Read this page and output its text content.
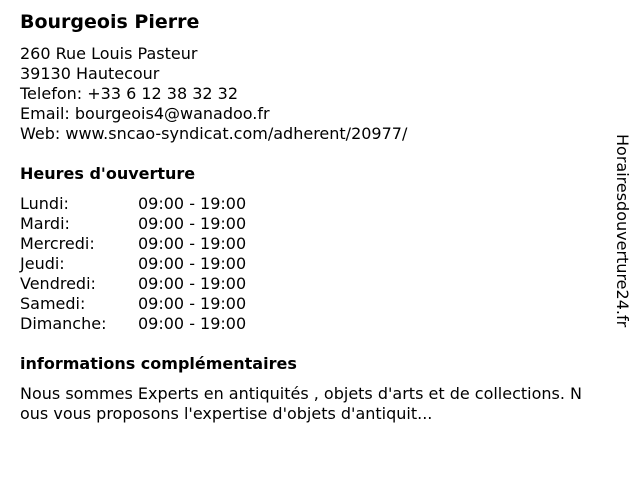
Bourgeois Pierre
260 Rue Louis Pasteur
39130 Hautecour
Telefon: +33 6 12 38 32 32
Email: bourgeois4@wanadoo.fr
Web: www.sncao-syndicat.com/adherent/20977/
Heures d'ouverture
Lundi:	09:00 - 19:00
Mardi:	09:00 - 19:00
Mercredi:	09:00 - 19:00
Jeudi:	09:00 - 19:00
Vendredi:	09:00 - 19:00
Samedi:	09:00 - 19:00
Dimanche: 09:00 - 19:00
informations complémentaires
Nous sommes Experts en antiquités , objets d'arts et de collections. Nous vous proposons l'expertise d'objets d'antiquit...
Horairesdouverture24.fr
